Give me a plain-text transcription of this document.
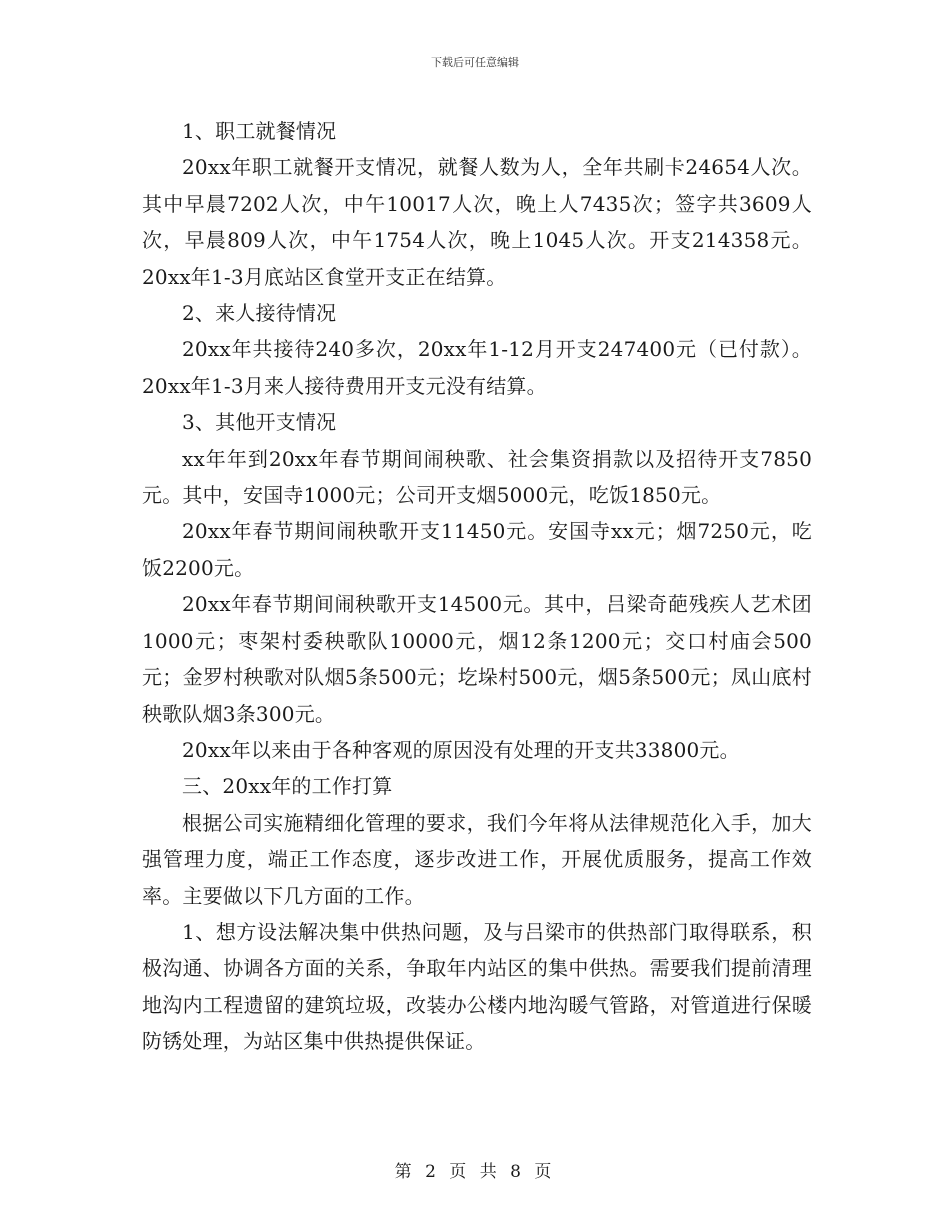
下载后可任意编辑

1、职工就餐情况

20xx年职工就餐开支情况，就餐人数为人，全年共刷卡24654人次。其中早晨7202人次，中午10017人次，晚上人7435次；签字共3609人次，早晨809人次，中午1754人次，晚上1045人次。开支214358元。20xx年1-3月底站区食堂开支正在结算。

2、来人接待情况

20xx年共接待240多次，20xx年1-12月开支247400元（已付款）。20xx年1-3月来人接待费用开支元没有结算。

3、其他开支情况

xx年年到20xx年春节期间闹秧歌、社会集资捐款以及招待开支7850元。其中，安国寺1000元；公司开支烟5000元，吃饭1850元。

20xx年春节期间闹秧歌开支11450元。安国寺xx元；烟7250元，吃饭2200元。

20xx年春节期间闹秧歌开支14500元。其中，吕梁奇葩残疾人艺术团1000元；枣架村委秧歌队10000元，烟12条1200元；交口村庙会500元；金罗村秧歌对队烟5条500元；圪垛村500元，烟5条500元；凤山底村秧歌队烟3条300元。

20xx年以来由于各种客观的原因没有处理的开支共33800元。

三、20xx年的工作打算

根据公司实施精细化管理的要求，我们今年将从法律规范化入手，加大强管理力度，端正工作态度，逐步改进工作，开展优质服务，提高工作效率。主要做以下几方面的工作。

1、想方设法解决集中供热问题，及与吕梁市的供热部门取得联系，积极沟通、协调各方面的关系，争取年内站区的集中供热。需要我们提前清理地沟内工程遗留的建筑垃圾，改装办公楼内地沟暖气管路，对管道进行保暖防锈处理，为站区集中供热提供保证。

第 2 页 共 8 页
